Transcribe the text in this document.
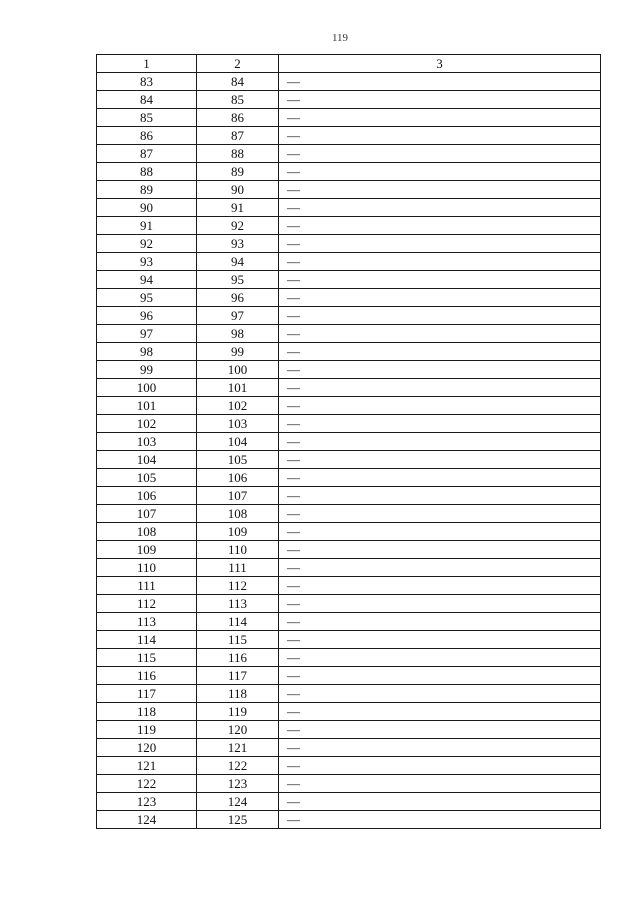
119
1	2	3
83	84	—
84	85	—
85	86	—
86	87	—
87	88	—
88	89	—
89	90	—
90	91	—
91	92	—
92	93	—
93	94	—
94	95	—
95	96	—
96	97	—
97	98	—
98	99	—
99	100	—
100	101	—
101	102	—
102	103	—
103	104	—
104	105	—
105	106	—
106	107	—
107	108	—
108	109	—
109	110	—
110	111	—
111	112	—
112	113	—
113	114	—
114	115	—
115	116	—
116	117	—
117	118	—
118	119	—
119	120	—
120	121	—
121	122	—
122	123	—
123	124	—
124	125	—
